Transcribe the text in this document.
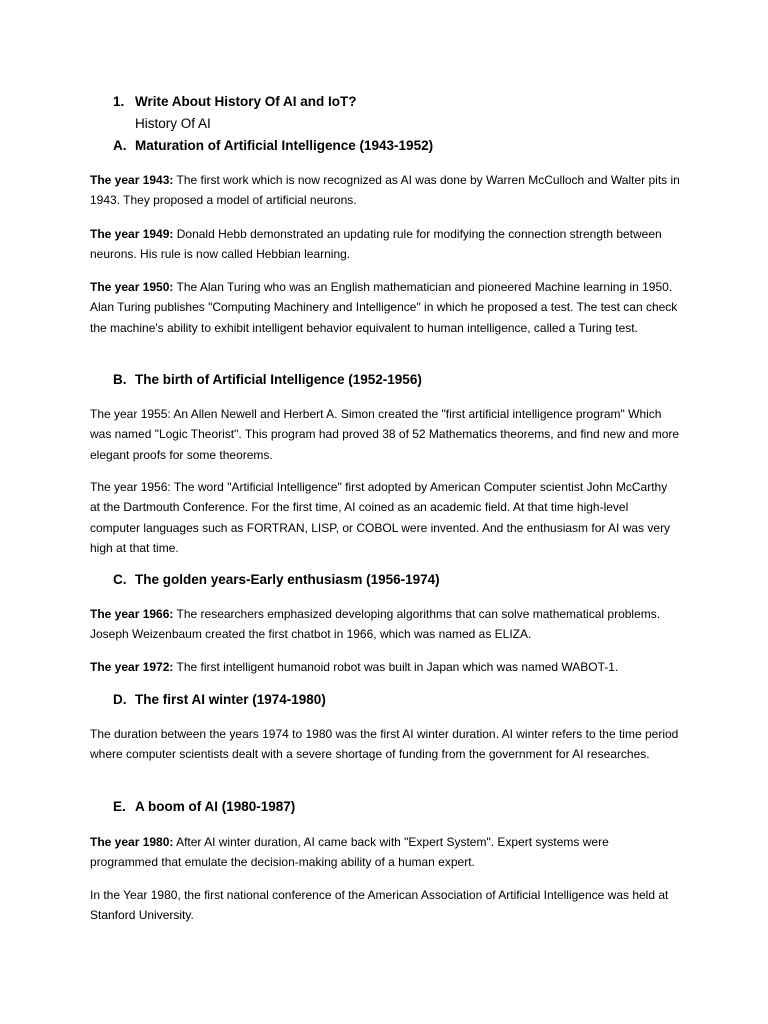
1. Write About History Of AI and IoT?
History Of AI
A. Maturation of Artificial Intelligence (1943-1952)

The year 1943: The first work which is now recognized as AI was done by Warren McCulloch and Walter pits in 1943. They proposed a model of artificial neurons.

The year 1949: Donald Hebb demonstrated an updating rule for modifying the connection strength between neurons. His rule is now called Hebbian learning.

The year 1950: The Alan Turing who was an English mathematician and pioneered Machine learning in 1950. Alan Turing publishes "Computing Machinery and Intelligence" in which he proposed a test. The test can check the machine's ability to exhibit intelligent behavior equivalent to human intelligence, called a Turing test.

B. The birth of Artificial Intelligence (1952-1956)

The year 1955: An Allen Newell and Herbert A. Simon created the "first artificial intelligence program" Which was named "Logic Theorist". This program had proved 38 of 52 Mathematics theorems, and find new and more elegant proofs for some theorems.

The year 1956: The word "Artificial Intelligence" first adopted by American Computer scientist John McCarthy at the Dartmouth Conference. For the first time, AI coined as an academic field. At that time high-level computer languages such as FORTRAN, LISP, or COBOL were invented. And the enthusiasm for AI was very high at that time.

C. The golden years-Early enthusiasm (1956-1974)

The year 1966: The researchers emphasized developing algorithms that can solve mathematical problems. Joseph Weizenbaum created the first chatbot in 1966, which was named as ELIZA.

The year 1972: The first intelligent humanoid robot was built in Japan which was named WABOT-1.

D. The first AI winter (1974-1980)

The duration between the years 1974 to 1980 was the first AI winter duration. AI winter refers to the time period where computer scientists dealt with a severe shortage of funding from the government for AI researches.

E. A boom of AI (1980-1987)

The year 1980: After AI winter duration, AI came back with "Expert System". Expert systems were programmed that emulate the decision-making ability of a human expert.

In the Year 1980, the first national conference of the American Association of Artificial Intelligence was held at Stanford University.
